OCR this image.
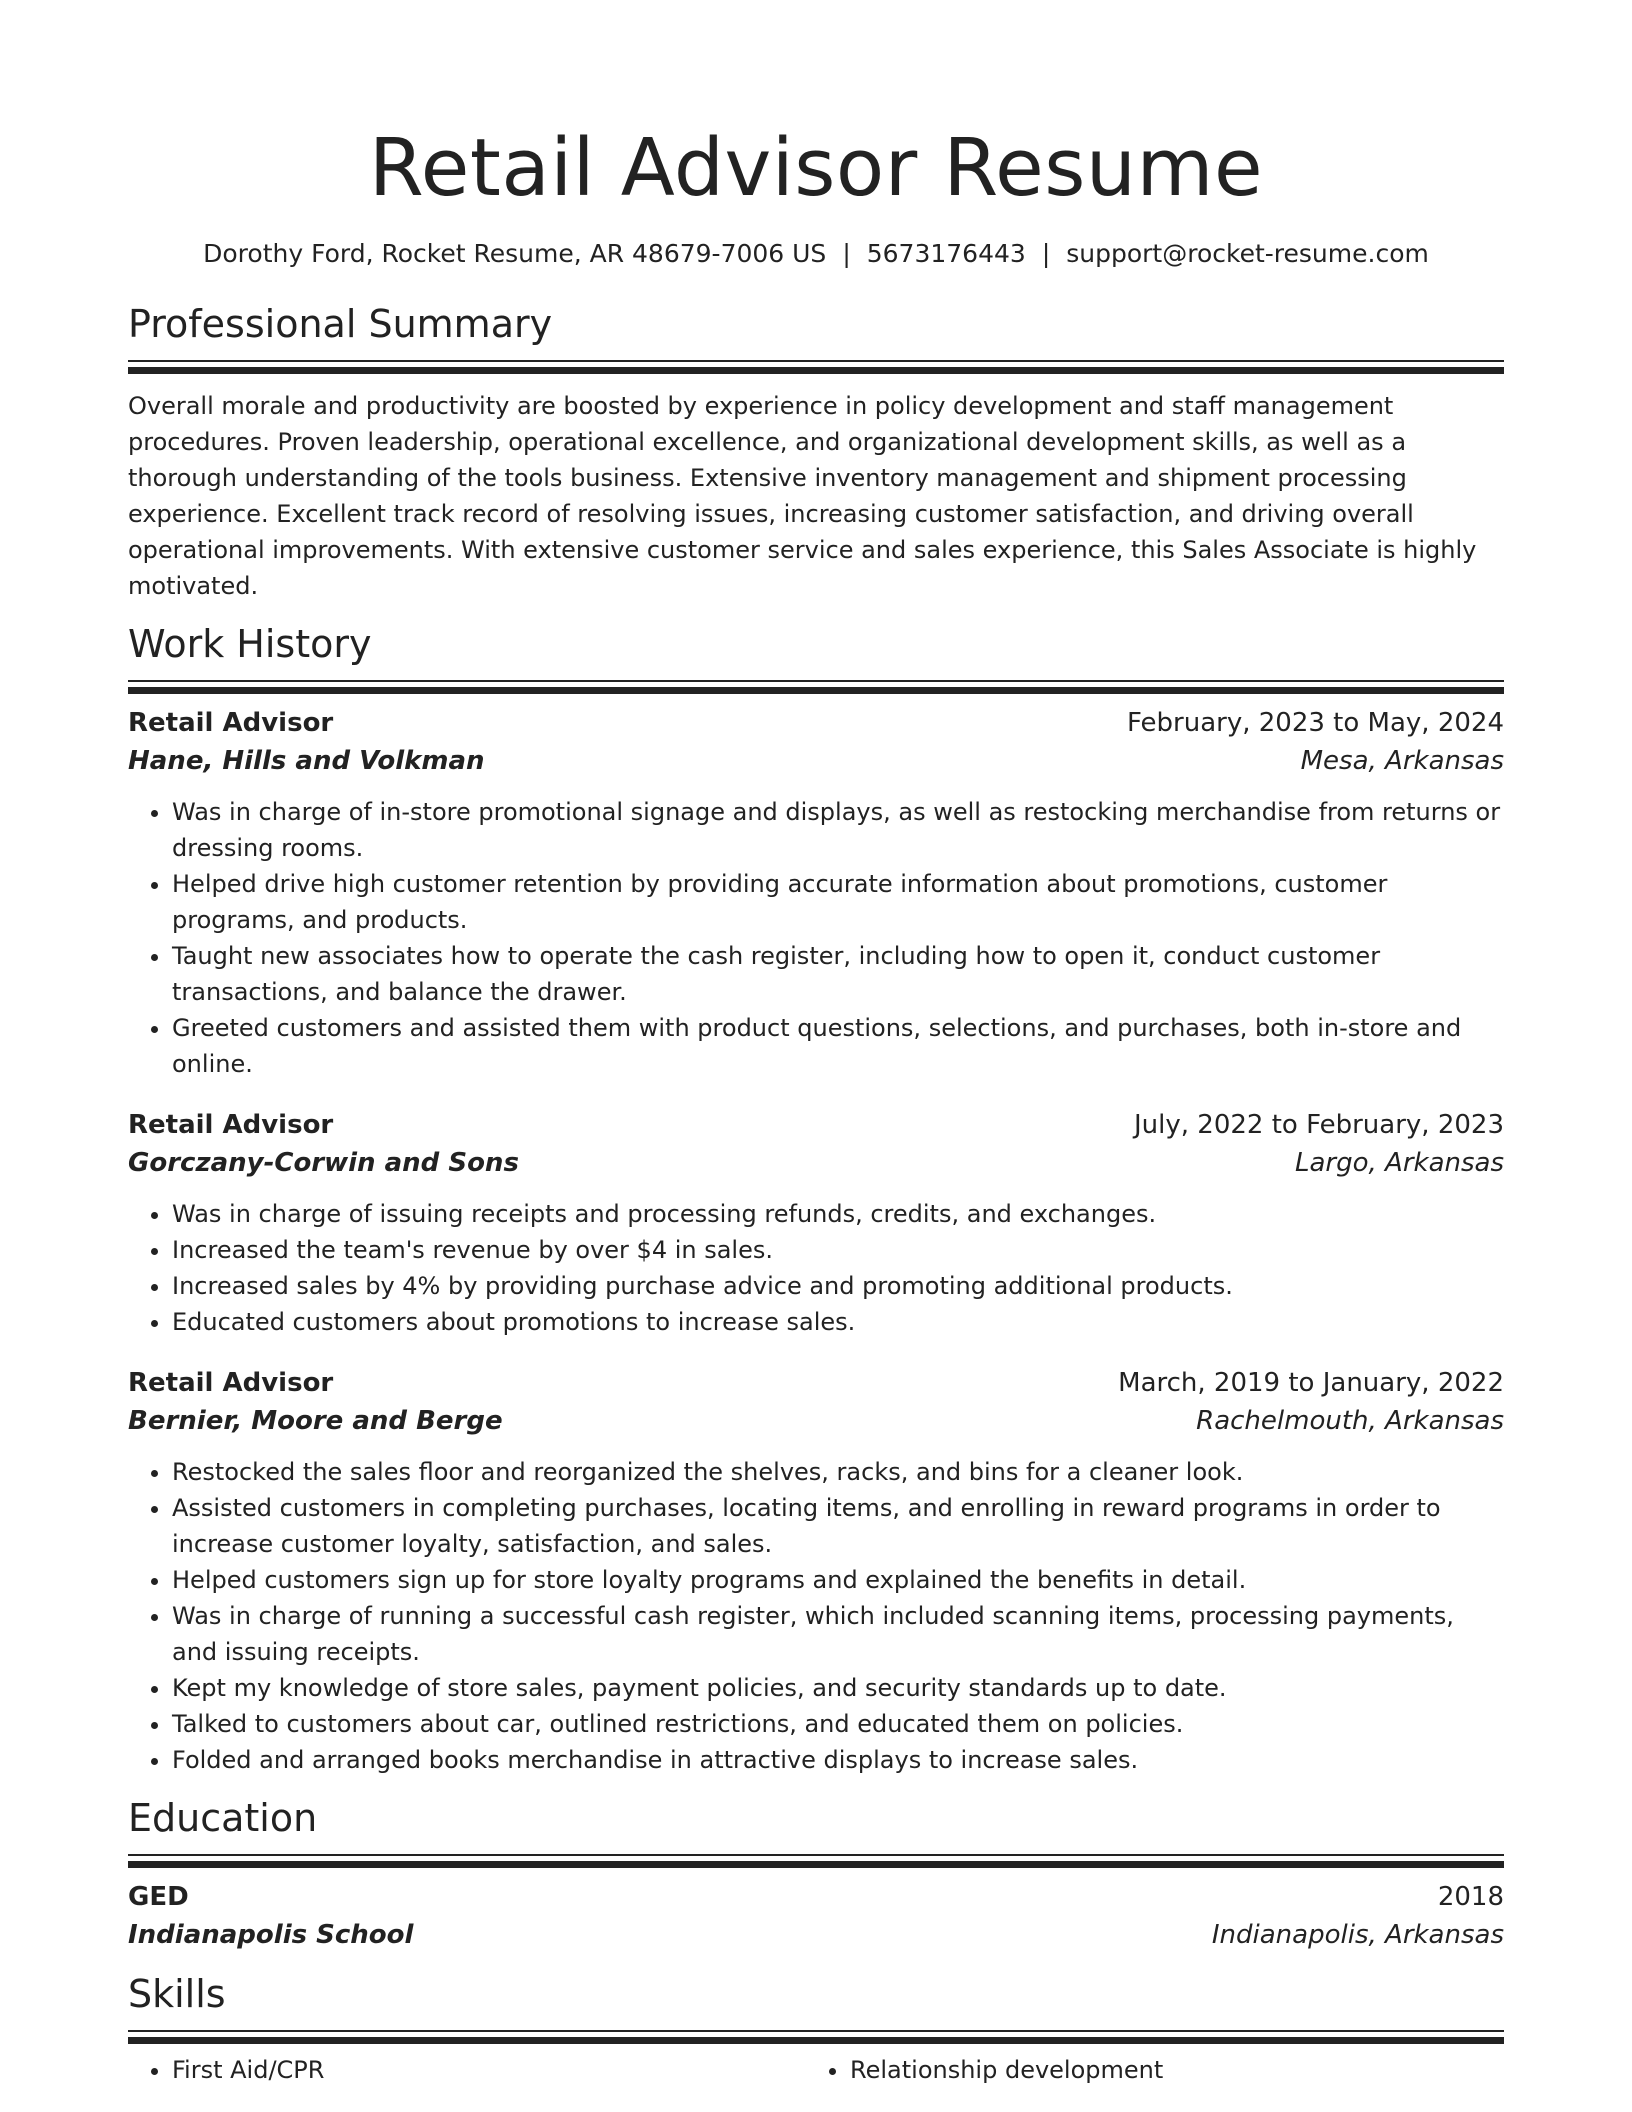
Retail Advisor Resume
Dorothy Ford, Rocket Resume, AR 48679-7006 US | 5673176443 | support@rocket-resume.com
Professional Summary
Overall morale and productivity are boosted by experience in policy development and staff management procedures. Proven leadership, operational excellence, and organizational development skills, as well as a thorough understanding of the tools business. Extensive inventory management and shipment processing experience. Excellent track record of resolving issues, increasing customer satisfaction, and driving overall operational improvements. With extensive customer service and sales experience, this Sales Associate is highly motivated.
Work History
Retail Advisor	February, 2023 to May, 2024
Hane, Hills and Volkman	Mesa, Arkansas
• Was in charge of in-store promotional signage and displays, as well as restocking merchandise from returns or dressing rooms.
• Helped drive high customer retention by providing accurate information about promotions, customer programs, and products.
• Taught new associates how to operate the cash register, including how to open it, conduct customer transactions, and balance the drawer.
• Greeted customers and assisted them with product questions, selections, and purchases, both in-store and online.
Retail Advisor	July, 2022 to February, 2023
Gorczany-Corwin and Sons	Largo, Arkansas
• Was in charge of issuing receipts and processing refunds, credits, and exchanges.
• Increased the team's revenue by over $4 in sales.
• Increased sales by 4% by providing purchase advice and promoting additional products.
• Educated customers about promotions to increase sales.
Retail Advisor	March, 2019 to January, 2022
Bernier, Moore and Berge	Rachelmouth, Arkansas
• Restocked the sales floor and reorganized the shelves, racks, and bins for a cleaner look.
• Assisted customers in completing purchases, locating items, and enrolling in reward programs in order to increase customer loyalty, satisfaction, and sales.
• Helped customers sign up for store loyalty programs and explained the benefits in detail.
• Was in charge of running a successful cash register, which included scanning items, processing payments, and issuing receipts.
• Kept my knowledge of store sales, payment policies, and security standards up to date.
• Talked to customers about car, outlined restrictions, and educated them on policies.
• Folded and arranged books merchandise in attractive displays to increase sales.
Education
GED	2018
Indianapolis School	Indianapolis, Arkansas
Skills
• First Aid/CPR
•	Relationship development
